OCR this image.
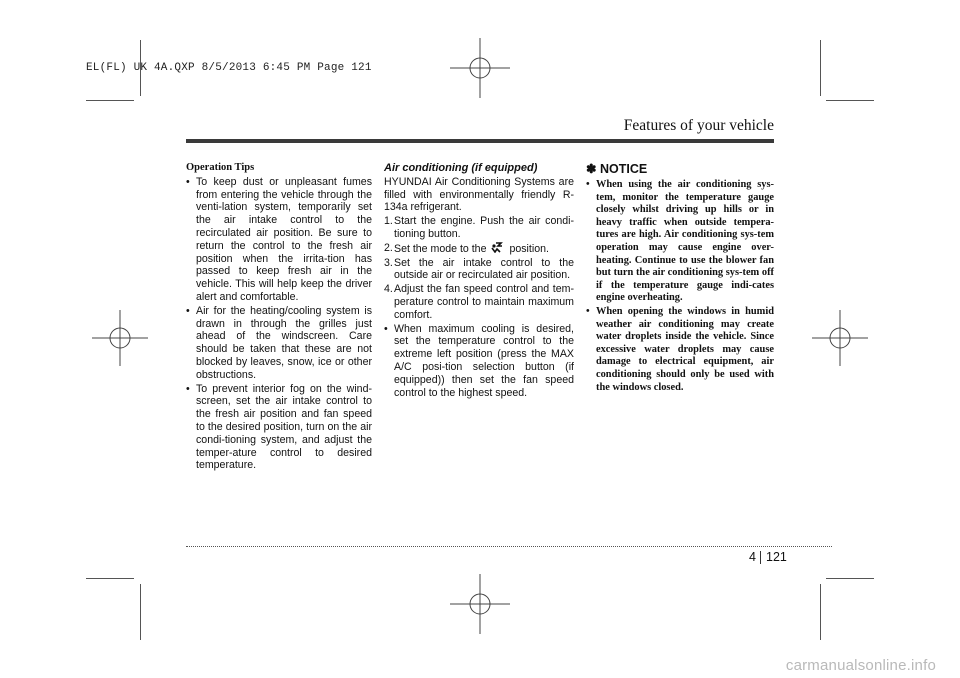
EL(FL) UK 4A.QXP 8/5/2013 6:45 PM Page 121
Features of your vehicle
Operation Tips
• To keep dust or unpleasant fumes from entering the vehicle through the venti-lation system, temporarily set the air intake control to the recirculated air position. Be sure to return the control to the fresh air position when the irrita-tion has passed to keep fresh air in the vehicle. This will help keep the driver alert and comfortable.
• Air for the heating/cooling system is drawn in through the grilles just ahead of the windscreen. Care should be taken that these are not blocked by leaves, snow, ice or other obstructions.
• To prevent interior fog on the wind-screen, set the air intake control to the fresh air position and fan speed to the desired position, turn on the air condi-tioning system, and adjust the temper-ature control to desired temperature.
Air conditioning (if equipped)
HYUNDAI Air Conditioning Systems are filled with environmentally friendly R-134a refrigerant.
1. Start the engine. Push the air condi-tioning button.
2. Set the mode to the position.
3. Set the air intake control to the outside air or recirculated air position.
4. Adjust the fan speed control and tem-perature control to maintain maximum comfort.
• When maximum cooling is desired, set the temperature control to the extreme left position (press the MAX A/C posi-tion selection button (if equipped)) then set the fan speed control to the highest speed.
✽ NOTICE
• When using the air conditioning sys-tem, monitor the temperature gauge closely whilst driving up hills or in heavy traffic when outside tempera-tures are high. Air conditioning sys-tem operation may cause engine over-heating. Continue to use the blower fan but turn the air conditioning sys-tem off if the temperature gauge indi-cates engine overheating.
• When opening the windows in humid weather air conditioning may create water droplets inside the vehicle. Since excessive water droplets may cause damage to electrical equipment, air conditioning should only be used with the windows closed.
4 121
carmanualsonline.info
